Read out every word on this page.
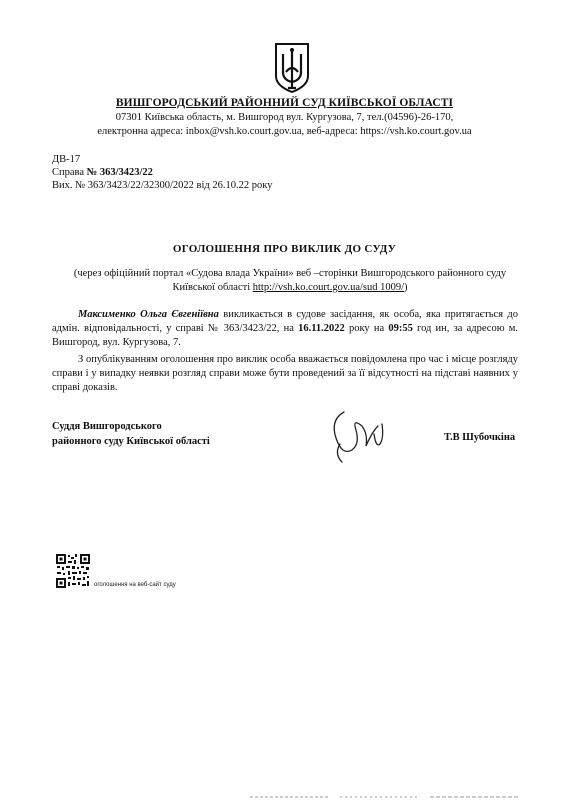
ВИШГОРОДСЬКИЙ РАЙОННИЙ СУД КИЇВСЬКОЇ ОБЛАСТІ
07301 Київська область, м. Вишгород вул. Кургузова, 7, тел.(04596)-26-170,
електронна адреса: inbox@vsh.ko.court.gov.ua, веб-адреса: https://vsh.ko.court.gov.ua
ДВ-17
Справа № 363/3423/22
Вих. № 363/3423/22/32300/2022 від 26.10.22 року
ОГОЛОШЕННЯ ПРО ВИКЛИК ДО СУДУ
(через офіційний портал «Судова влада України» веб –сторінки Вишгородського районного суду Київської області http://vsh.ko.court.gov.ua/sud 1009/)
Максименко Ольга Євгеніївна викликається в судове засідання, як особа, яка притягається до адмін. відповідальності, у справі № 363/3423/22, на 16.11.2022 року на 09:55 год ин, за адресою м. Вишгород, вул. Кургузова, 7.
З опублікуванням оголошення про виклик особа вважається повідомлена про час і місце розгляду справи і у випадку неявки розгляд справи може бути проведений за її відсутності на підставі наявних у справі доказів.
Суддя Вишгородського
районного суду Київської області	Т.В Шубочкіна
оголошення на веб-сайт суду
